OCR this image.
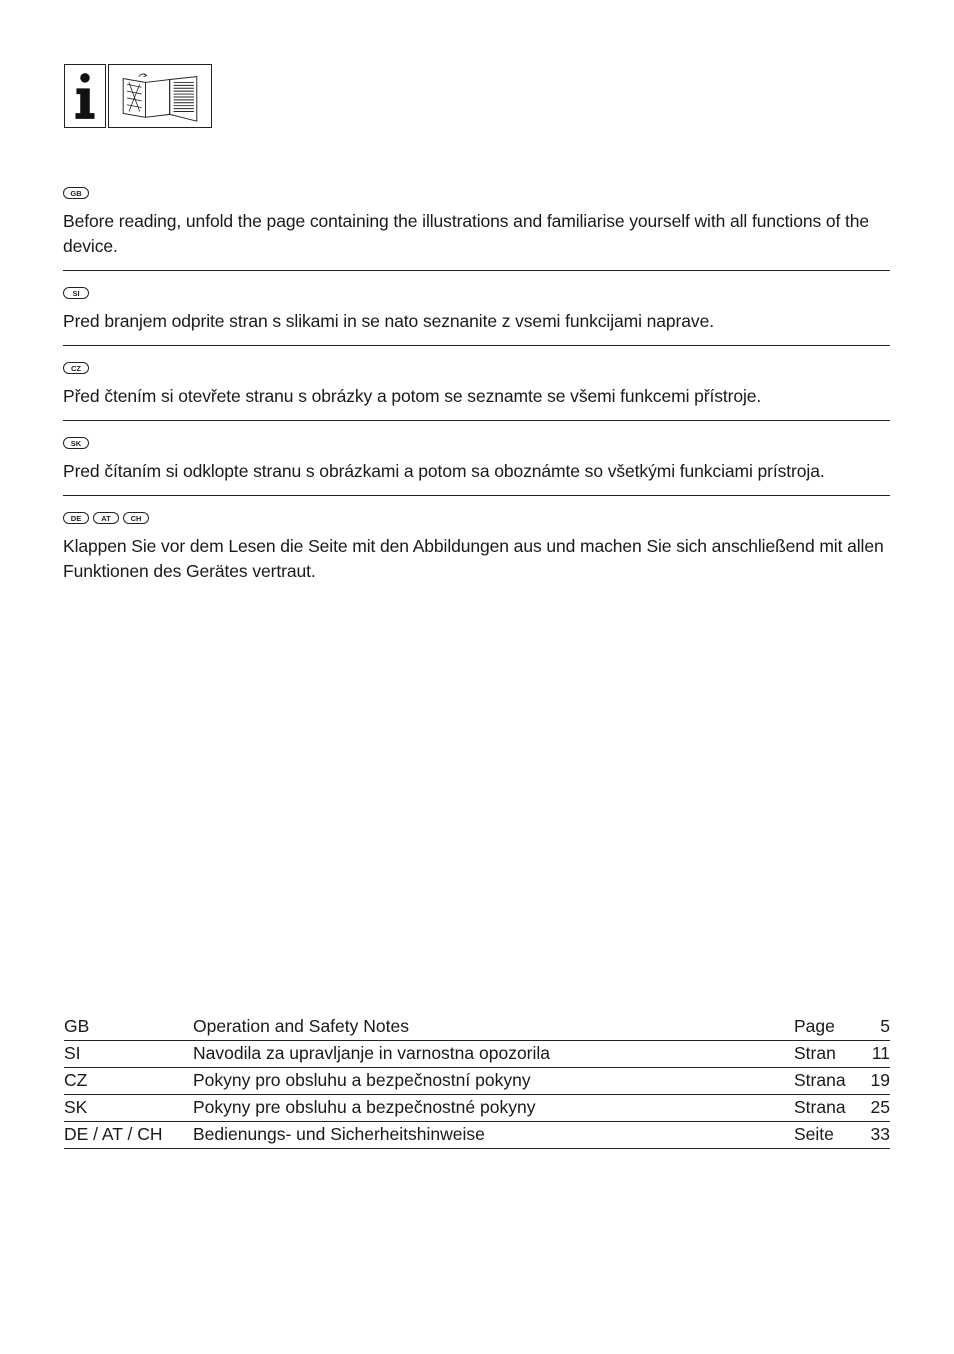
GB
Before reading, unfold the page containing the illustrations and familiarise yourself with all functions of the device.
SI
Pred branjem odprite stran s slikami in se nato seznanite z vsemi funkcijami naprave.
CZ
Před čtením si otevřete stranu s obrázky a potom se seznamte se všemi funkcemi přístroje.
SK
Pred čítaním si odklopte stranu s obrázkami a potom sa oboznámte so všetkými funkciami prístroja.
DE	AT	CH
Klappen Sie vor dem Lesen die Seite mit den Abbildungen aus und machen Sie sich anschließend mit allen Funktionen des Gerätes vertraut.
GB	Operation and Safety Notes	Page	5
SI	Navodila za upravljanje in varnostna opozorila	Stran	11
CZ	Pokyny pro obsluhu a bezpečnostní pokyny	Strana	19
SK	Pokyny pre obsluhu a bezpečnostné pokyny	Strana	25
DE / AT / CH	Bedienungs- und Sicherheitshinweise	Seite	33
